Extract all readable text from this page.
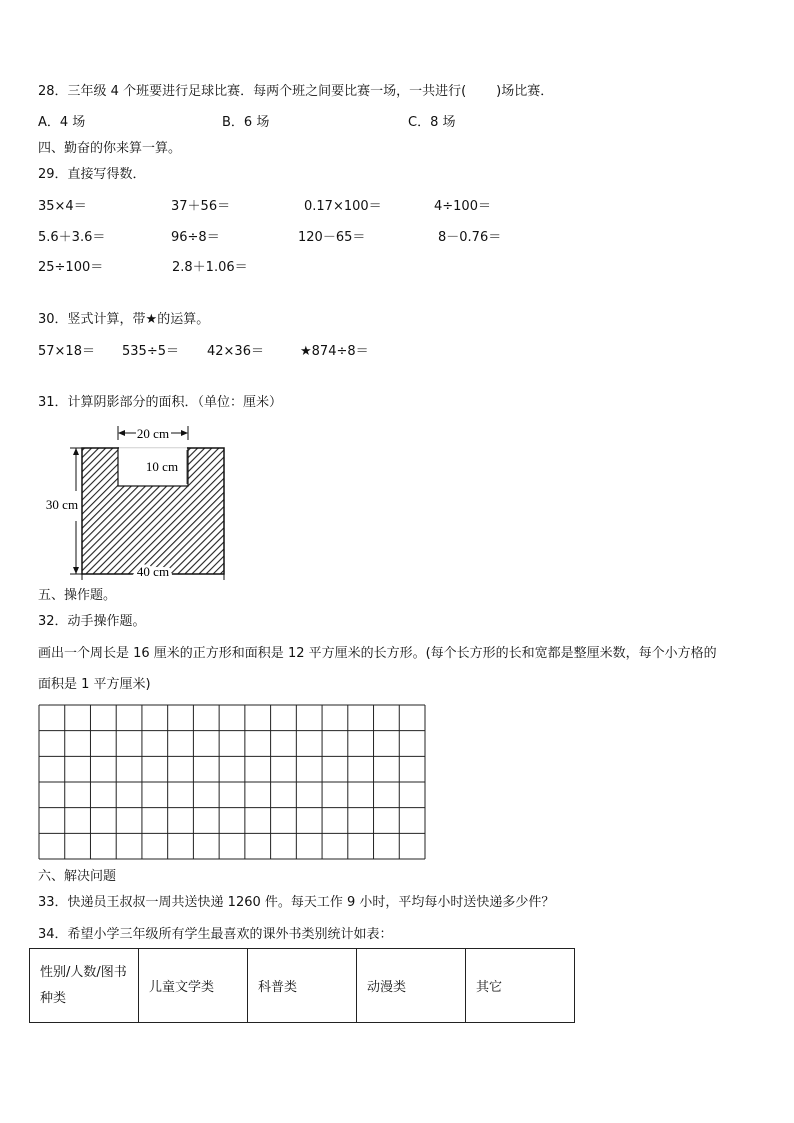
28．三年级 4 个班要进行足球比赛．每两个班之间要比赛一场，一共进行( )场比赛．
A．4 场	B．6 场	C．8 场
四、勤奋的你来算一算。
29．直接写得数．
35×4＝	37＋56＝	0.17×100＝	4÷100＝
5.6＋3.6＝	96÷8＝	120－65＝	8－0.76＝
25÷100＝	2.8＋1.06＝
30．竖式计算，带★的运算。
57×18＝ 535÷5＝ 42×36＝	★874÷8＝
31．计算阴影部分的面积．（单位：厘米）
20 cm
10 cm
30 cm
40 cm
五、操作题。
32．动手操作题。
画出一个周长是 16 厘米的正方形和面积是 12 平方厘米的长方形。(每个长方形的长和宽都是整厘米数，每个小方格的
面积是 1 平方厘米)
六、解决问题
33．快递员王叔叔一周共送快递 1260 件。每天工作 9 小时，平均每小时送快递多少件？
34．希望小学三年级所有学生最喜欢的课外书类别统计如表：
性别/人数/图书
种类	儿童文学类	科普类	动漫类	其它
